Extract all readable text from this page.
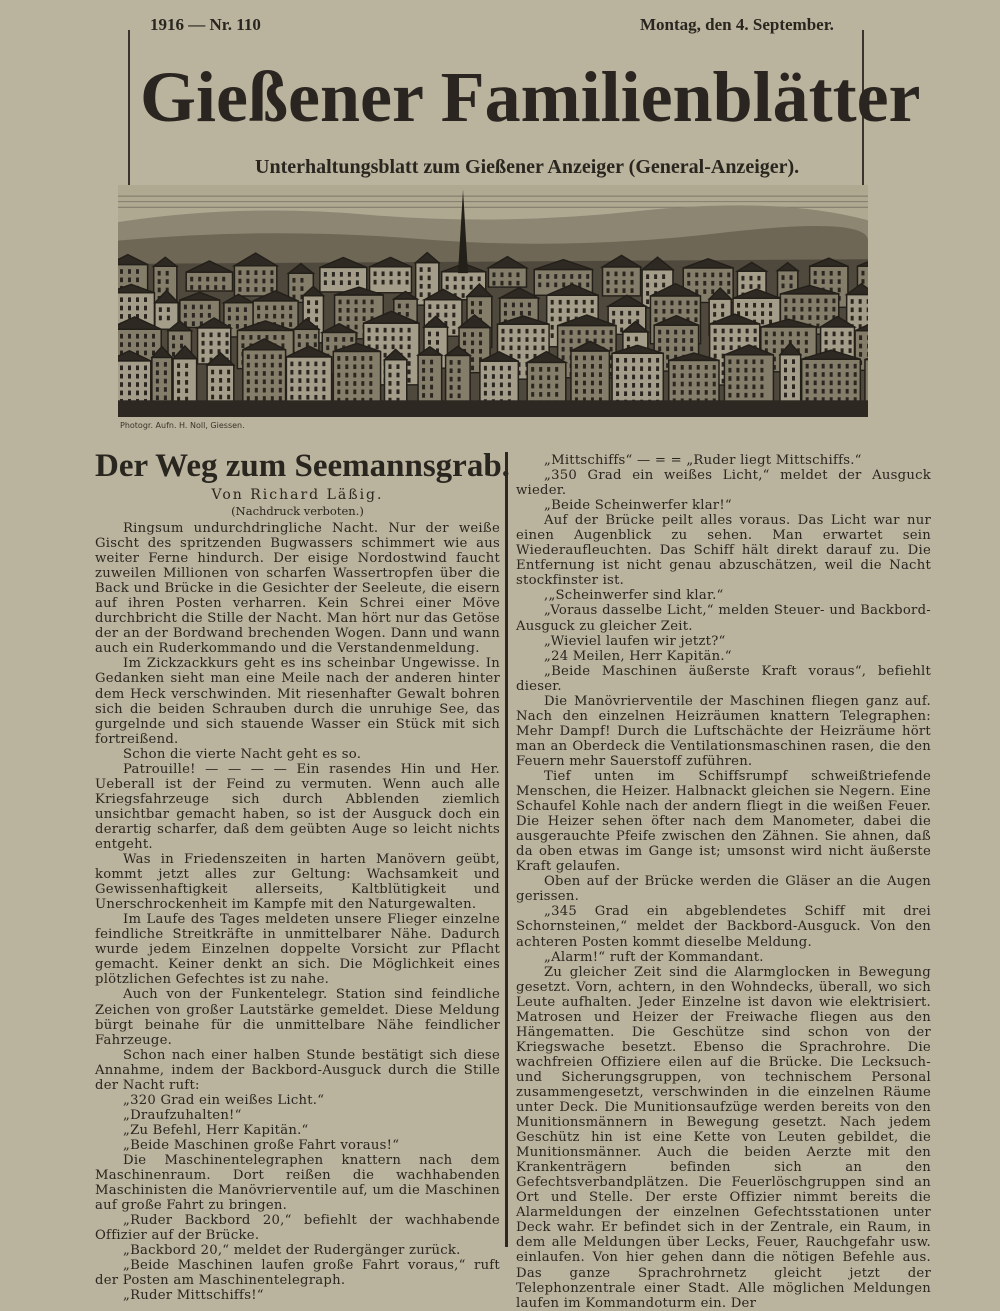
1916 — Nr. 110	Montag, den 4. September.
Gießener Familienblätter
Unterhaltungsblatt zum Gießener Anzeiger (General-Anzeiger).
Photogr. Aufn. H. Noll, Giessen.
Der Weg zum Seemannsgrab.
Von Richard Läßig.
(Nachdruck verboten.)

Ringsum undurchdringliche Nacht. Nur der weiße Gischt des spritzenden Bugwassers schimmert wie aus weiter Ferne hindurch. Der eisige Nordostwind faucht zuweilen Millionen von scharfen Wassertropfen über die Back und Brücke in die Gesichter der Seeleute, die eisern auf ihren Posten verharren. Kein Schrei einer Möve durchbricht die Stille der Nacht. Man hört nur das Getöse der an der Bordwand brechenden Wogen. Dann und wann auch ein Ruderkommando und die Verstandenmeldung.

Im Zickzackkurs geht es ins scheinbar Ungewisse. In Gedanken sieht man eine Meile nach der anderen hinter dem Heck verschwinden. Mit riesenhafter Gewalt bohren sich die beiden Schrauben durch die unruhige See, das gurgelnde und sich stauende Wasser ein Stück mit sich fortreißend.

Schon die vierte Nacht geht es so.

Patrouille! — — — — Ein rasendes Hin und Her. Ueberall ist der Feind zu vermuten. Wenn auch alle Kriegsfahrzeuge sich durch Abblenden ziemlich unsichtbar gemacht haben, so ist der Ausguck doch ein derartig scharfer, daß dem geübten Auge so leicht nichts entgeht.

Was in Friedenszeiten in harten Manövern geübt, kommt jetzt alles zur Geltung: Wachsamkeit und Gewissenhaftigkeit allerseits, Kaltblütigkeit und Unerschrockenheit im Kampfe mit den Naturgewalten.

Im Laufe des Tages meldeten unsere Flieger einzelne feindliche Streitkräfte in unmittelbarer Nähe. Dadurch wurde jedem Einzelnen doppelte Vorsicht zur Pflacht gemacht. Keiner denkt an sich. Die Möglichkeit eines plötzlichen Gefechtes ist zu nahe.

Auch von der Funkentelegr. Station sind feindliche Zeichen von großer Lautstärke gemeldet. Diese Meldung bürgt beinahe für die unmittelbare Nähe feindlicher Fahrzeuge.

Schon nach einer halben Stunde bestätigt sich diese Annahme, indem der Backbord-Ausguck durch die Stille der Nacht ruft:

„320 Grad ein weißes Licht.“

„Draufzuhalten!“

„Zu Befehl, Herr Kapitän.“

„Beide Maschinen große Fahrt voraus!“

Die Maschinentelegraphen knattern nach dem Maschinenraum. Dort reißen die wachhabenden Maschinisten die Manövrierventile auf, um die Maschinen auf große Fahrt zu bringen.

„Ruder Backbord 20,“ befiehlt der wachhabende Offizier auf der Brücke.

„Backbord 20,“ meldet der Rudergänger zurück.

„Beide Maschinen laufen große Fahrt voraus,“ ruft der Posten am Maschinentelegraph.

„Ruder Mittschiffs!“

„Mittschiffs“ — = = „Ruder liegt Mittschiffs.“

„350 Grad ein weißes Licht,“ meldet der Ausguck wieder.

„Beide Scheinwerfer klar!“

Auf der Brücke peilt alles voraus. Das Licht war nur einen Augenblick zu sehen. Man erwartet sein Wiederaufleuchten. Das Schiff hält direkt darauf zu. Die Entfernung ist nicht genau abzuschätzen, weil die Nacht stockfinster ist.

,„Scheinwerfer sind klar.“

„Voraus dasselbe Licht,“ melden Steuer- und Backbord-Ausguck zu gleicher Zeit.

„Wieviel laufen wir jetzt?“

„24 Meilen, Herr Kapitän.“

„Beide Maschinen äußerste Kraft voraus“, befiehlt dieser.

Die Manövrierventile der Maschinen fliegen ganz auf. Nach den einzelnen Heizräumen knattern Telegraphen: Mehr Dampf! Durch die Luftschächte der Heizräume hört man an Oberdeck die Ventilationsmaschinen rasen, die den Feuern mehr Sauerstoff zuführen.

Tief unten im Schiffsrumpf schweißtriefende Menschen, die Heizer. Halbnackt gleichen sie Negern. Eine Schaufel Kohle nach der andern fliegt in die weißen Feuer. Die Heizer sehen öfter nach dem Manometer, dabei die ausgerauchte Pfeife zwischen den Zähnen. Sie ahnen, daß da oben etwas im Gange ist; umsonst wird nicht äußerste Kraft gelaufen.

Oben auf der Brücke werden die Gläser an die Augen gerissen.

„345 Grad ein abgeblendetes Schiff mit drei Schornsteinen,“ meldet der Backbord-Ausguck. Von den achteren Posten kommt dieselbe Meldung.

„Alarm!“ ruft der Kommandant.

Zu gleicher Zeit sind die Alarmglocken in Bewegung gesetzt. Vorn, achtern, in den Wohndecks, überall, wo sich Leute aufhalten. Jeder Einzelne ist davon wie elektrisiert. Matrosen und Heizer der Freiwache fliegen aus den Hängematten. Die Geschütze sind schon von der Kriegswache besetzt. Ebenso die Sprachrohre. Die wachfreien Offiziere eilen auf die Brücke. Die Lecksuch- und Sicherungsgruppen, von technischem Personal zusammengesetzt, verschwinden in die einzelnen Räume unter Deck. Die Munitionsaufzüge werden bereits von den Munitionsmännern in Bewegung gesetzt. Nach jedem Geschütz hin ist eine Kette von Leuten gebildet, die Munitionsmänner. Auch die beiden Aerzte mit den Krankenträgern befinden sich an den Gefechtsverbandplätzen. Die Feuerlöschgruppen sind an Ort und Stelle. Der erste Offizier nimmt bereits die Alarmeldungen der einzelnen Gefechtsstationen unter Deck wahr. Er befindet sich in der Zentrale, ein Raum, in dem alle Meldungen über Lecks, Feuer, Rauchgefahr usw. einlaufen. Von hier gehen dann die nötigen Befehle aus. Das ganze Sprachrohrnetz gleicht jetzt der Telephonzentrale einer Stadt. Alle möglichen Meldungen laufen im Kommandoturm ein. Der
